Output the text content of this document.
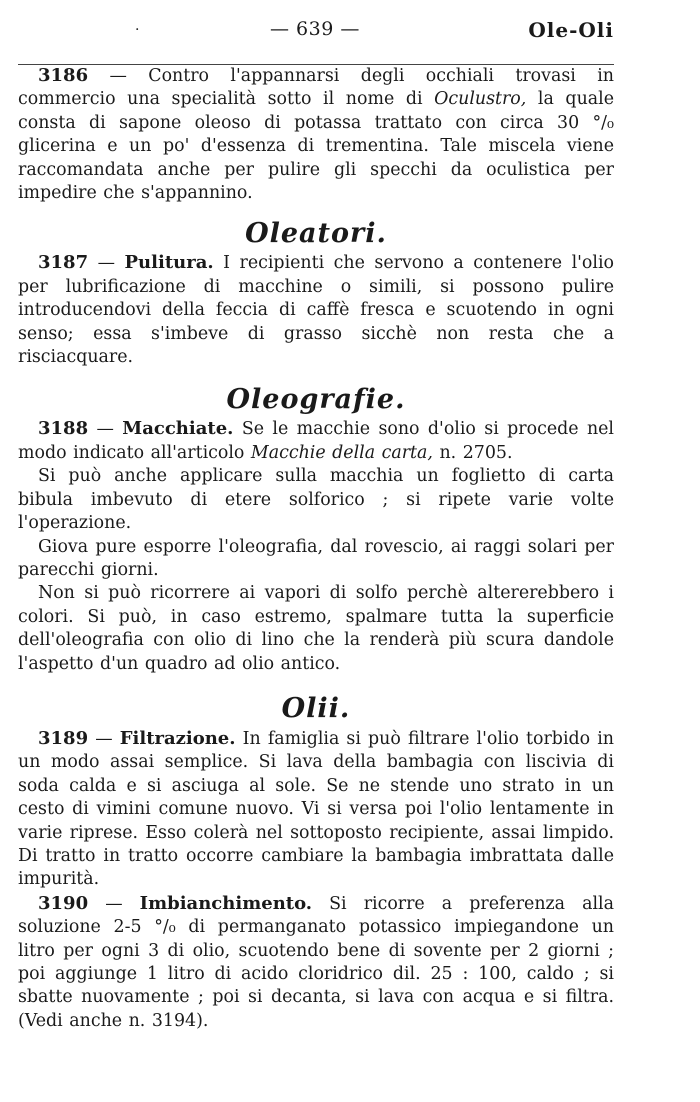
·	— 639 —	Ole-Oli

3186 — Contro l'appannarsi degli occhiali trovasi in commercio una specialità sotto il nome di Oculustro, la quale consta di sapone oleoso di potassa trattato con circa 30 °/₀ glicerina e un po' d'essenza di trementina. Tale miscela viene raccomandata anche per pulire gli specchi da oculistica per impedire che s'appannino.

Oleatori.

3187 — Pulitura. I recipienti che servono a contenere l'olio per lubrificazione di macchine o simili, si possono pulire introducendovi della feccia di caffè fresca e scuotendo in ogni senso; essa s'imbeve di grasso sicchè non resta che a risciacquare.

Oleografie.

3188 — Macchiate. Se le macchie sono d'olio si procede nel modo indicato all'articolo Macchie della carta, n. 2705.

Si può anche applicare sulla macchia un foglietto di carta bibula imbevuto di etere solforico ; si ripete varie volte l'operazione.

Giova pure esporre l'oleografia, dal rovescio, ai raggi solari per parecchi giorni.

Non si può ricorrere ai vapori di solfo perchè altererebbero i colori. Si può, in caso estremo, spalmare tutta la superficie dell'oleografia con olio di lino che la renderà più scura dandole l'aspetto d'un quadro ad olio antico.

Olii.

3189 — Filtrazione. In famiglia si può filtrare l'olio torbido in un modo assai semplice. Si lava della bambagia con liscivia di soda calda e si asciuga al sole. Se ne stende uno strato in un cesto di vimini comune nuovo. Vi si versa poi l'olio lentamente in varie riprese. Esso colerà nel sottoposto recipiente, assai limpido. Di tratto in tratto occorre cambiare la bambagia imbrattata dalle impurità.

3190 — Imbianchimento. Si ricorre a preferenza alla soluzione 2-5 °/₀ di permanganato potassico impiegandone un litro per ogni 3 di olio, scuotendo bene di sovente per 2 giorni ; poi aggiunge 1 litro di acido cloridrico dil. 25 : 100, caldo ; si sbatte nuovamente ; poi si decanta, si lava con acqua e si filtra. (Vedi anche n. 3194).
